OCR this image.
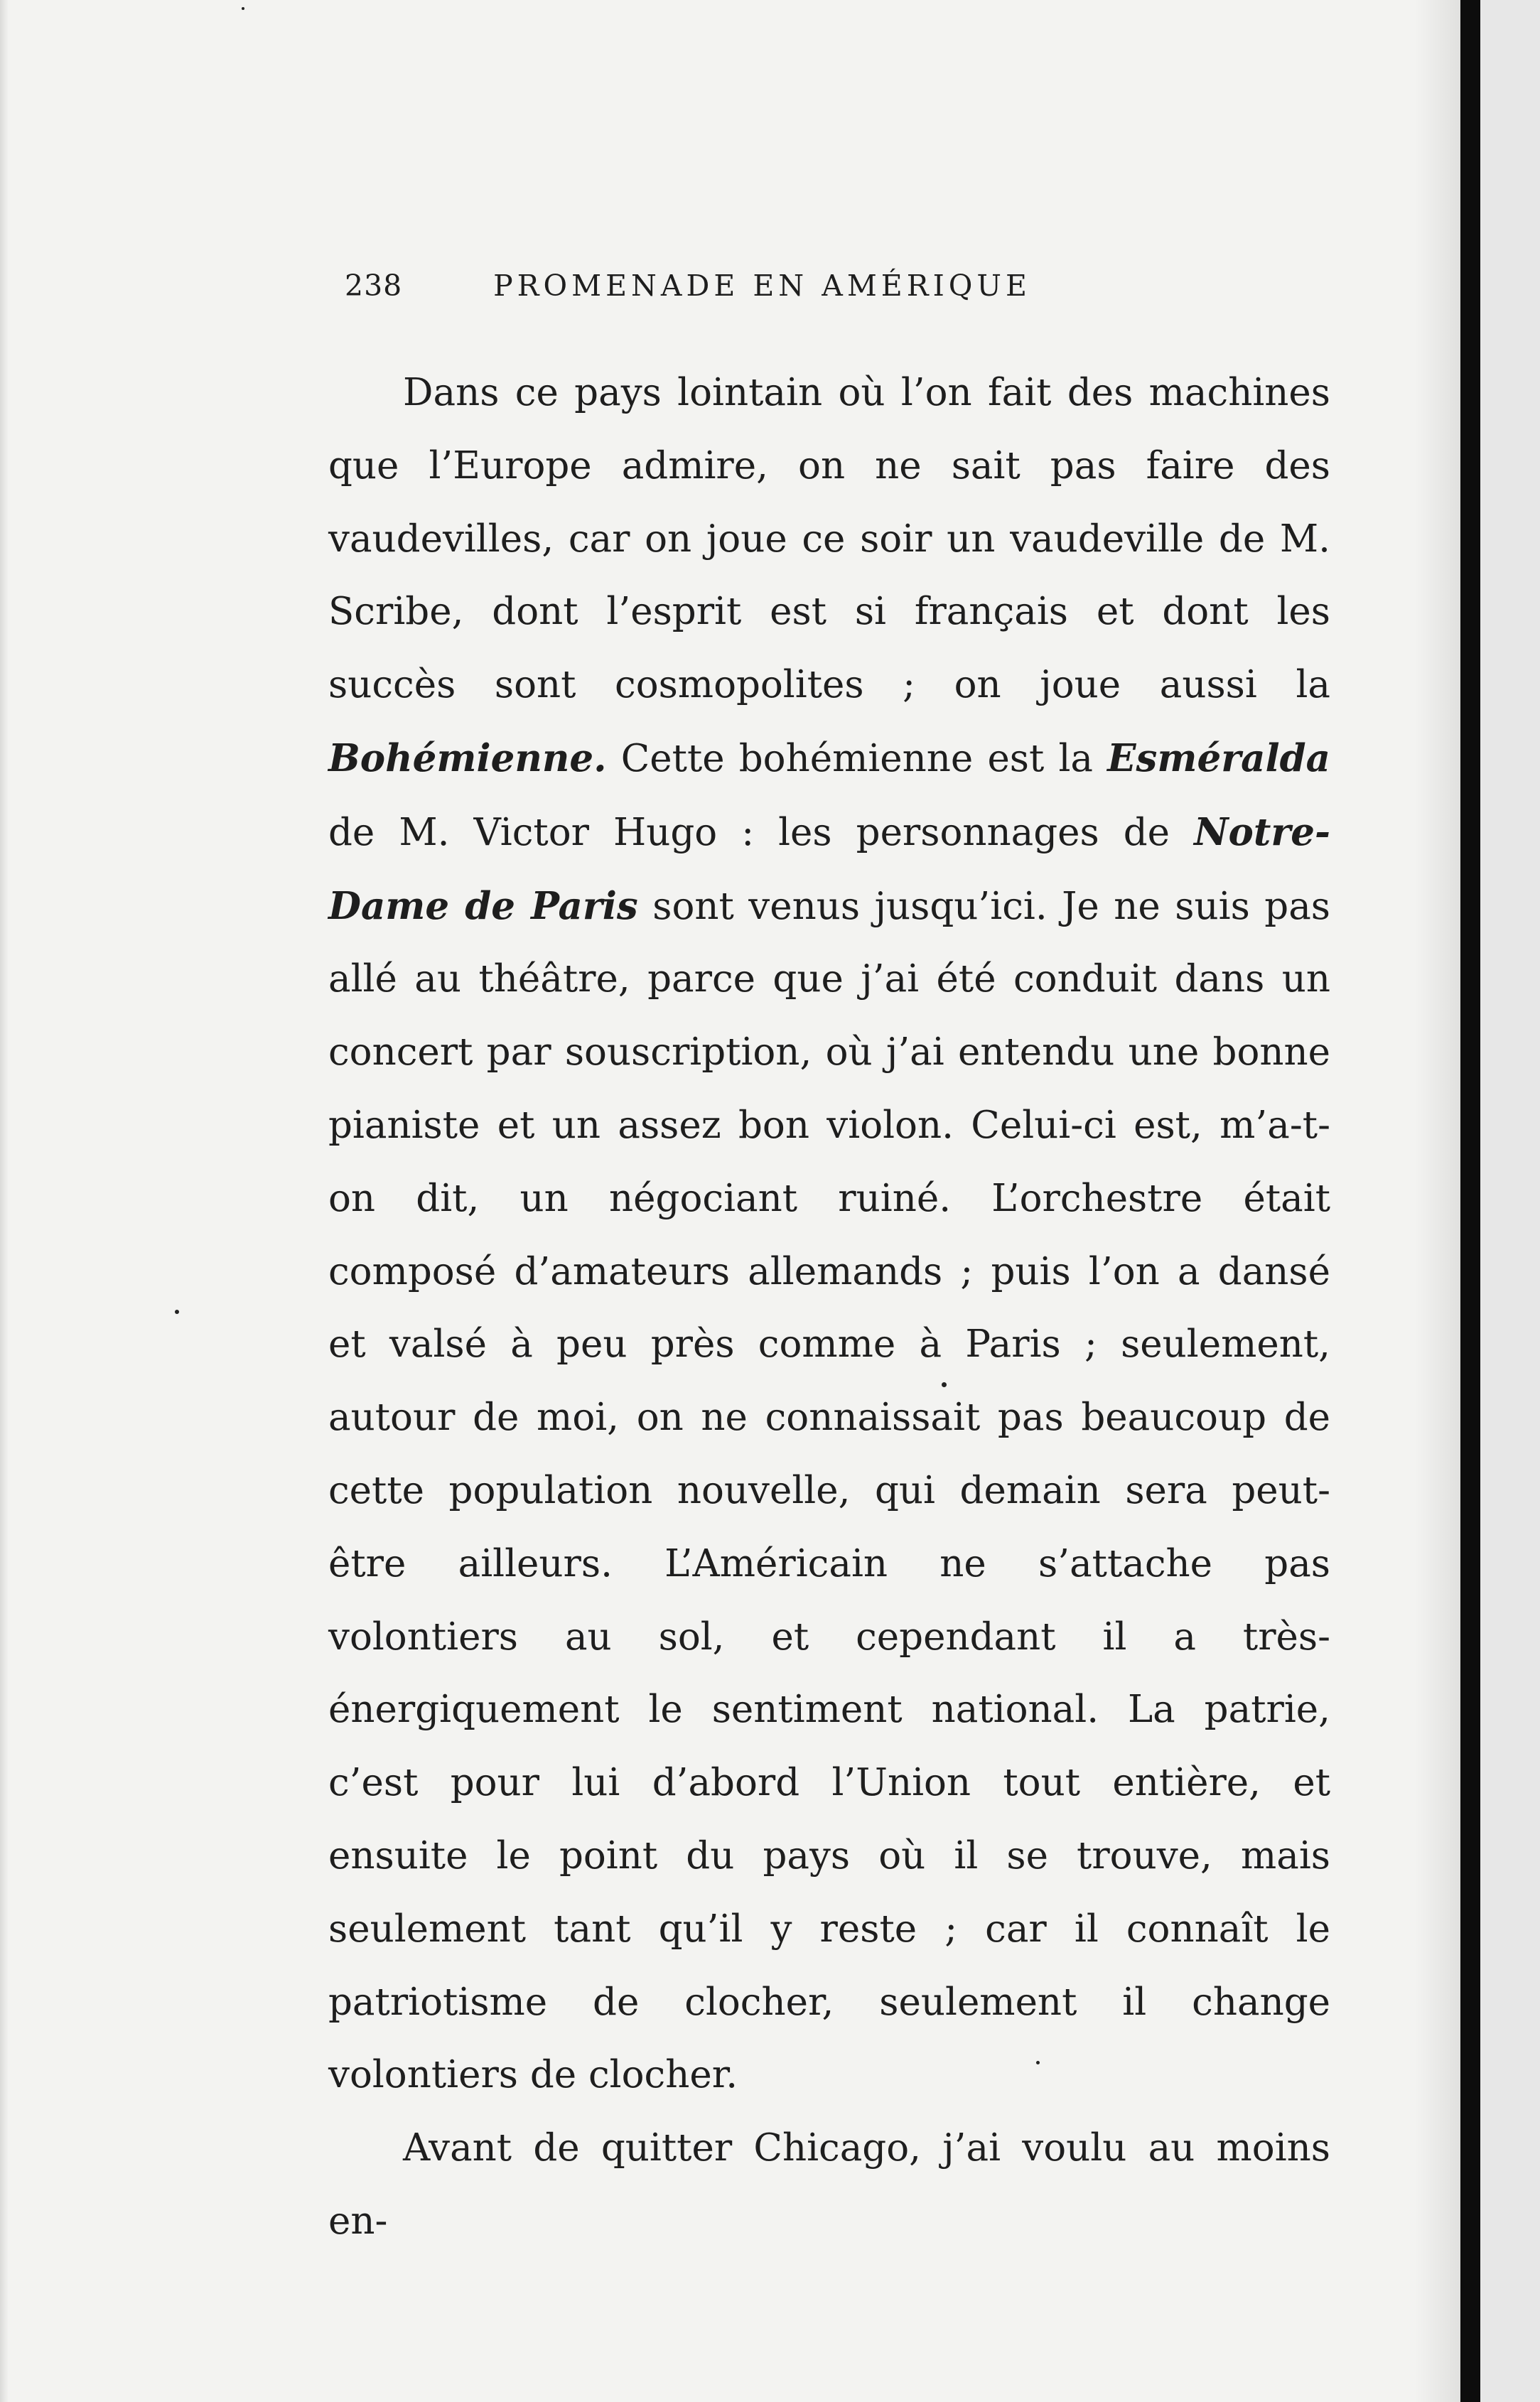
238	PROMENADE EN AMÉRIQUE

Dans ce pays lointain où l’on fait des machines que l’Europe admire, on ne sait pas faire des vaudevilles, car on joue ce soir un vaudeville de M. Scribe, dont l’esprit est si français et dont les succès sont cosmopolites ; on joue aussi la Bohémienne. Cette bohémienne est la Esméralda de M. Victor Hugo : les personnages de Notre-Dame de Paris sont venus jusqu’ici. Je ne suis pas allé au théâtre, parce que j’ai été conduit dans un concert par souscription, où j’ai entendu une bonne pianiste et un assez bon violon. Celui-ci est, m’a-t-on dit, un négociant ruiné. L’orchestre était composé d’amateurs allemands ; puis l’on a dansé et valsé à peu près comme à Paris ; seulement, autour de moi, on ne connaissait pas beaucoup de cette population nouvelle, qui demain sera peut-être ailleurs. L’Américain ne s’attache pas volontiers au sol, et cependant il a très-énergiquement le sentiment national. La patrie, c’est pour lui d’abord l’Union tout entière, et ensuite le point du pays où il se trouve, mais seulement tant qu’il y reste ; car il connaît le patriotisme de clocher, seulement il change volontiers de clocher.

Avant de quitter Chicago, j’ai voulu au moins en-
